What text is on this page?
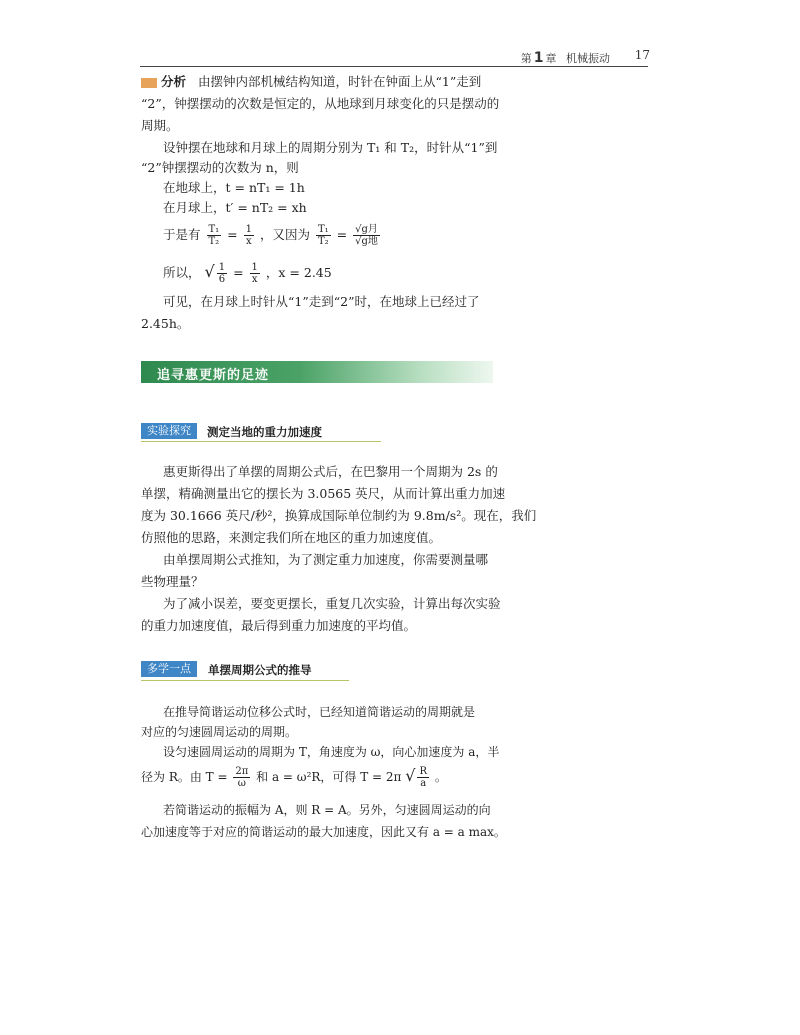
第 1 章 机械振动	17
分析 由摆钟内部机械结构知道，时针在钟面上从“1”走到
“2”，钟摆摆动的次数是恒定的，从地球到月球变化的只是摆动的
周期。
设钟摆在地球和月球上的周期分别为 T₁ 和 T₂，时针从“1”到
“2”钟摆摆动的次数为 n，则
在地球上，t = nT₁ = 1h
在月球上，t′ = nT₂ = xh
于是有 $\frac{\text{T₁}}{\text{T₂}} = \frac{1}{x}$ ，又因为 $\frac{\text{T₁}}{\text{T₂}} = \frac{\text{√g月}}{\text{√g地}}$
所以， √ $\frac{1}{6} = \frac{1}{x}$ ，x = 2.45
可见，在月球上时针从“1”走到“2”时，在地球上已经过了
2.45h。
追寻惠更斯的足迹
实验探究	测定当地的重力加速度
惠更斯得出了单摆的周期公式后，在巴黎用一个周期为 2s 的
单摆，精确测量出它的摆长为 3.0565 英尺，从而计算出重力加速
度为 30.1666 英尺/秒²，换算成国际单位制约为 9.8m/s²。现在，我们
仿照他的思路，来测定我们所在地区的重力加速度值。
由单摆周期公式推知，为了测定重力加速度，你需要测量哪
些物理量？
为了减小误差，要变更摆长，重复几次实验，计算出每次实验
的重力加速度值，最后得到重力加速度的平均值。
多学一点	单摆周期公式的推导
在推导简谐运动位移公式时，已经知道简谐运动的周期就是
对应的匀速圆周运动的周期。
设匀速圆周运动的周期为 T，角速度为 ω，向心加速度为 a，半
径为 R。由 $T = \frac{2\pi}{\omega}$ 和 a = ω²R，可得 T = 2π √ $\frac{R}{a}$ 。
若简谐运动的振幅为 A，则 R = A。另外，匀速圆周运动的向
心加速度等于对应的简谐运动的最大加速度，因此又有 a = a max。
